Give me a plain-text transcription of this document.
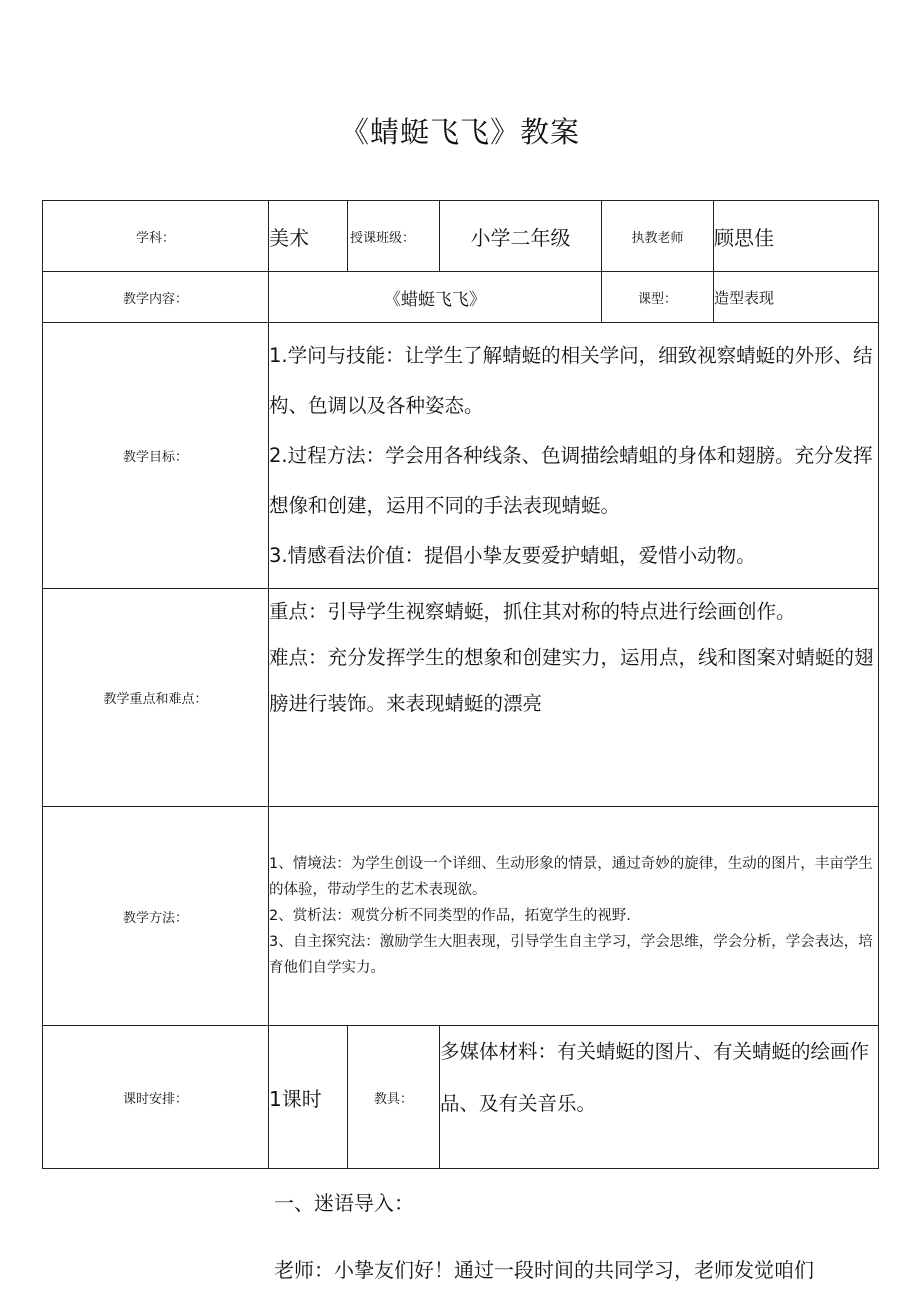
《蜻蜓飞飞》教案
学科：	美术	授课班级：	小学二年级	执教老师	顾思佳
教学内容：	《蜡蜓飞飞》			课型：	造型表现
教学目标：	1.学问与技能：让学生了解蜻蜓的相关学问，细致视察蜻蜓的外形、结构、色调以及各种姿态。

2.过程方法：学会用各种线条、色调描绘蜻蛆的身体和翅膀。充分发挥想像和创建，运用不同的手法表现蜻蜓。

3.情感看法价值：提倡小挚友要爱护蜻蛆，爱惜小动物。				

教学重点和难点：	重点：引导学生视察蜻蜓，抓住其对称的特点进行绘画创作。

难点：充分发挥学生的想象和创建实力，运用点，线和图案对蜻蜓的翅膀进行装饰。来表现蜻蜓的漂亮				

教学方法：	1、情境法：为学生创设一个详细、生动形象的情景，通过奇妙的旋律，生动的图片，丰亩学生的体验，带动学生的艺术表现欲。

2、赏析法：观赏分析不同类型的作品，拓宽学生的视野.

3、自主探究法：激励学生大胆表现，引导学生自主学习，学会思维，学会分析，学会表达，培育他们自学实力。				

课时安排：	1课时	教具：	多媒体材料：有关蜻蜓的图片、有关蜻蜓的绘画作品、及有关音乐。		
一、迷语导入：
老师：小挚友们好！通过一段时间的共同学习，老师发觉咱们
